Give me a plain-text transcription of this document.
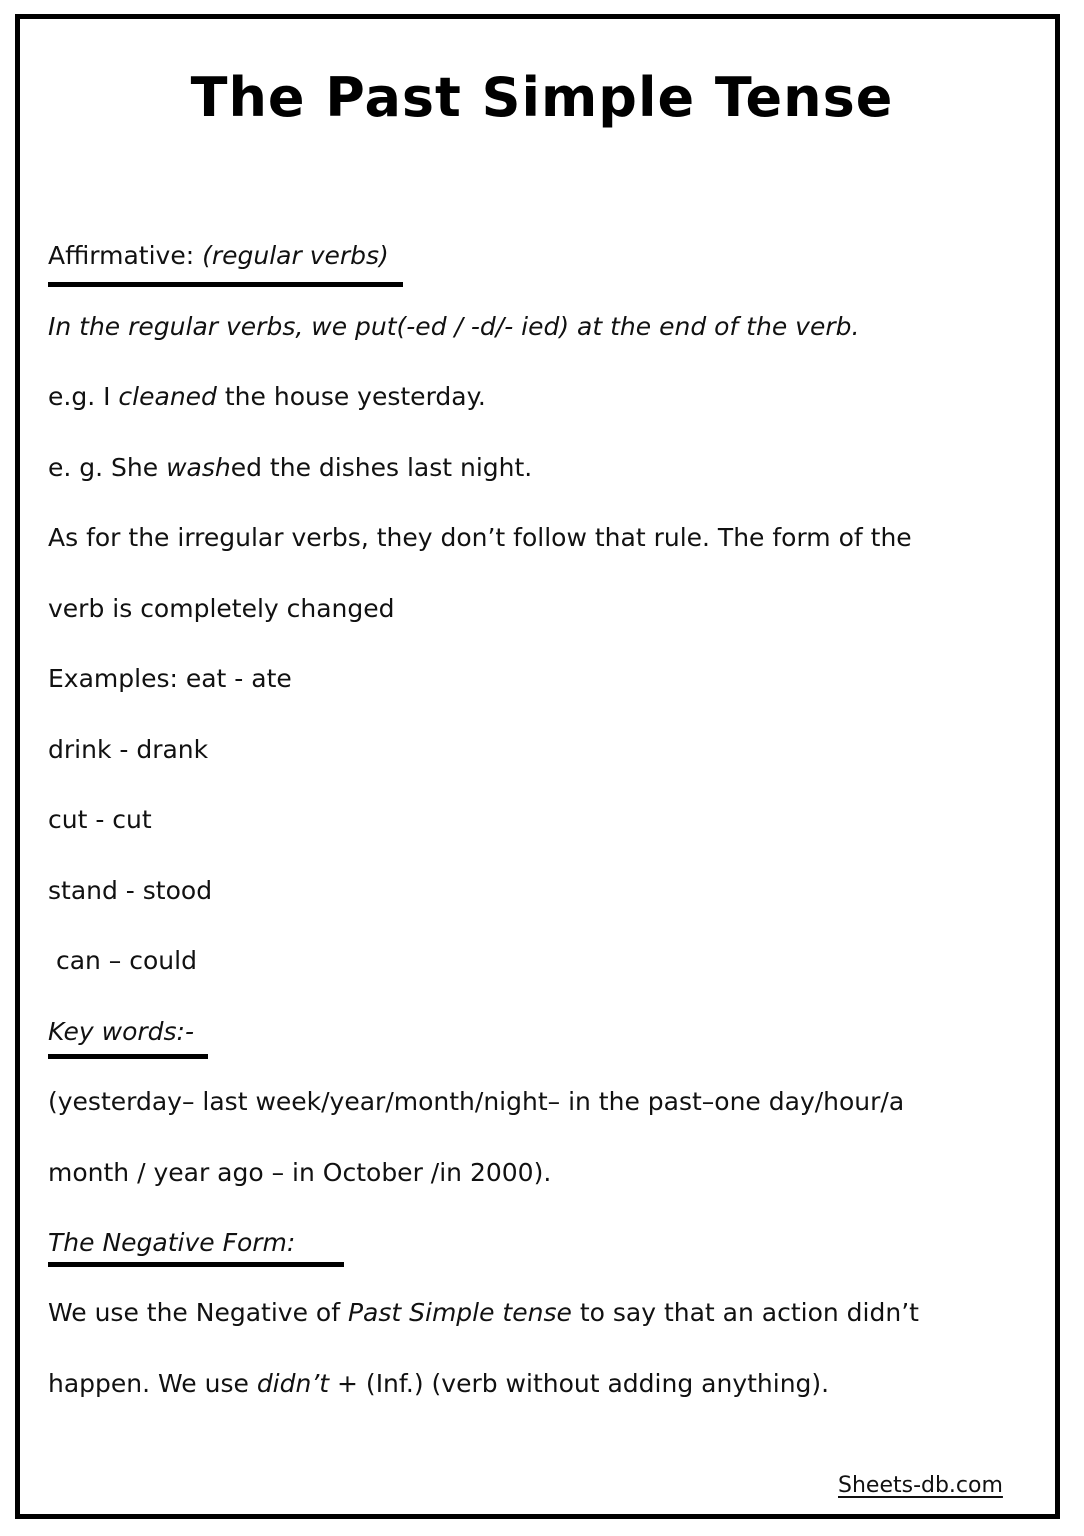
The Past Simple Tense
Affirmative: (regular verbs)
In the regular verbs, we put(-ed / -d/- ied) at the end of the verb.
e.g. I cleaned the house yesterday.
e. g. She washed the dishes last night.
As for the irregular verbs, they don’t follow that rule. The form of the
verb is completely changed
Examples: eat - ate
drink - drank
cut - cut
stand - stood
can – could
Key words:-
(yesterday– last week/year/month/night– in the past–one day/hour/a
month / year ago – in October /in 2000).
The Negative Form:
We use the Negative of Past Simple tense to say that an action didn’t
happen. We use didn’t + (Inf.) (verb without adding anything).
Sheets-db.com
